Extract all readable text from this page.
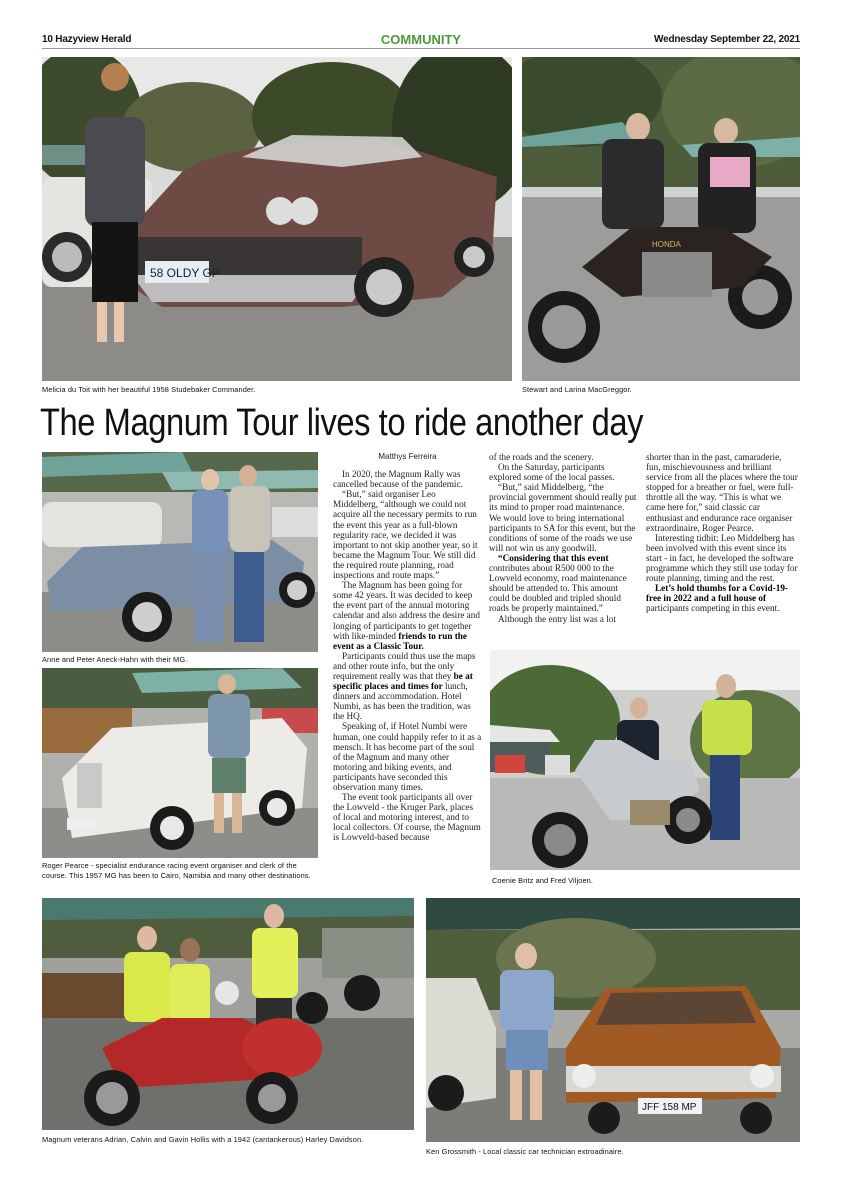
10 Hazyview Herald	COMMUNITY	Wednesday September 22, 2021
58 OLDY GP
Melicia du Toit with her beautiful 1958 Studebaker Commander.
HONDA
Stewart and Larina MacGreggor.
The Magnum Tour lives to ride another day
Anne and Peter Aneck-Hahn with their MG.
Roger Pearce - specialist endurance racing event organiser and clerk of the course. This 1957 MG has been to Cairo, Namibia and many other destinations.
Matthys Ferreira

In 2020, the Magnum Rally was cancelled because of the pandemic.

“But,” said organiser Leo Middelberg, “although we could not acquire all the necessary permits to run the event this year as a full-blown regularity race, we decided it was important to not skip another year, so it became the Magnum Tour. We still did the required route planning, road inspections and route maps.”

The Magnum has been going for some 42 years. It was decided to keep the event part of the annual motoring calendar and also address the desire and longing of participants to get together with like-minded friends to run the event as a Classic Tour.

Participants could thus use the maps and other route info, but the only requirement really was that they be at specific places and times for lunch, dinners and accommodation. Hotel Numbi, as has been the tradition, was the HQ.

Speaking of, if Hotel Numbi were human, one could happily refer to it as a mensch. It has become part of the soul of the Magnum and many other motoring and biking events, and participants have seconded this observation many times.

The event took participants all over the Lowveld - the Kruger Park, places of local and motoring interest, and to local collectors. Of course, the Magnum is Lowveld-based because

of the roads and the scenery.

On the Saturday, participants explored some of the local passes.

“But,” said Middelberg, “the provincial government should really put its mind to proper road maintenance. We would love to bring international participants to SA for this event, but the conditions of some of the roads we use will not win us any goodwill.

“Considering that this event contributes about R500 000 to the Lowveld economy, road maintenance should be attended to. This amount could be doubled and tripled should roads be properly maintained.”

Although the entry list was a lot

shorter than in the past, camaraderie, fun, mischievousness and brilliant service from all the places where the tour stopped for a breather or fuel, were full-throttle all the way. “This is what we came here for,” said classic car enthusiast and endurance race organiser extraordinaire, Roger Pearce.

Interesting tidbit: Leo Middelberg has been involved with this event since its start - in fact, he developed the software programme which they still use today for route planning, timing and the rest.

Let’s hold thumbs for a Covid-19-free in 2022 and a full house of participants competing in this event.

Coenie Britz and Fred Viljoen.
Magnum veterans Adrian, Calvin and Gavin Hollis with a 1942 (cantankerous) Harley Davidson.
JFF 158 MP
Ken Grossmith - Local classic car technician extroadinaire.
